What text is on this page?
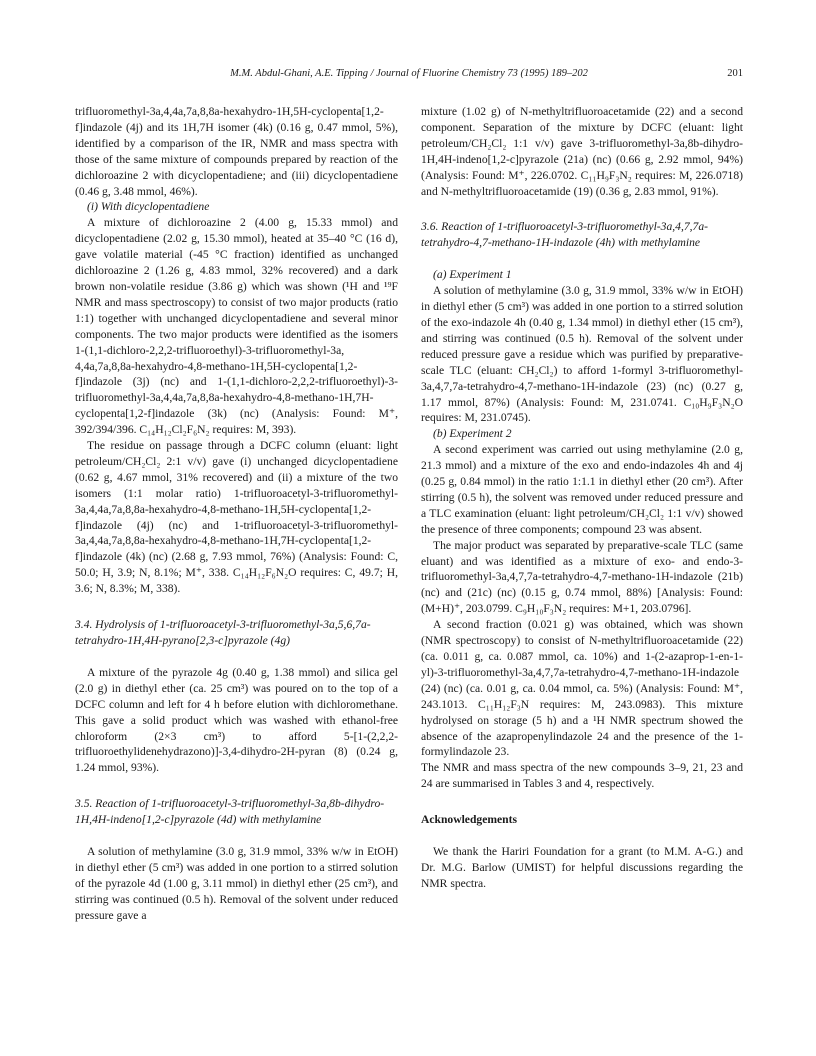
M.M. Abdul-Ghani, A.E. Tipping / Journal of Fluorine Chemistry 73 (1995) 189–202	201

trifluoromethyl-3a,4,4a,7a,8,8a-hexahydro-1H,5H-cyclopenta[1,2-f]indazole (4j) and its 1H,7H isomer (4k) (0.16 g, 0.47 mmol, 5%), identified by a comparison of the IR, NMR and mass spectra with those of the same mixture of compounds prepared by reaction of the dichloroazine 2 with dicyclopentadiene; and (iii) dicyclopentadiene (0.46 g, 3.48 mmol, 46%).

(i) With dicyclopentadiene

A mixture of dichloroazine 2 (4.00 g, 15.33 mmol) and dicyclopentadiene (2.02 g, 15.30 mmol), heated at 35–40 °C (16 d), gave volatile material (-45 °C fraction) identified as unchanged dichloroazine 2 (1.26 g, 4.83 mmol, 32% recovered) and a dark brown non-volatile residue (3.86 g) which was shown (¹H and ¹⁹F NMR and mass spectroscopy) to consist of two major products (ratio 1:1) together with unchanged dicyclopentadiene and several minor components. The two major products were identified as the isomers 1-(1,1-dichloro-2,2,2-trifluoroethyl)-3-trifluoromethyl-3a, 4,4a,7a,8,8a-hexahydro-4,8-methano-1H,5H-cyclopenta[1,2-f]indazole (3j) (nc) and 1-(1,1-dichloro-2,2,2-trifluoroethyl)-3-trifluoromethyl-3a,4,4a,7a,8,8a-hexahydro-4,8-methano-1H,7H-cyclopenta[1,2-f]indazole (3k) (nc) (Analysis: Found: M⁺, 392/394/396. C₁₄H₁₂Cl₂F₆N₂ requires: M, 393).

The residue on passage through a DCFC column (eluant: light petroleum/CH₂Cl₂ 2:1 v/v) gave (i) unchanged dicyclopentadiene (0.62 g, 4.67 mmol, 31% recovered) and (ii) a mixture of the two isomers (1:1 molar ratio) 1-trifluoroacetyl-3-trifluoromethyl-3a,4,4a,7a,8,8a-hexahydro-4,8-methano-1H,5H-cyclopenta[1,2-f]indazole (4j) (nc) and 1-trifluoroacetyl-3-trifluoromethyl-3a,4,4a,7a,8,8a-hexahydro-4,8-methano-1H,7H-cyclopenta[1,2-f]indazole (4k) (nc) (2.68 g, 7.93 mmol, 76%) (Analysis: Found: C, 50.0; H, 3.9; N, 8.1%; M⁺, 338. C₁₄H₁₂F₆N₂O requires: C, 49.7; H, 3.6; N, 8.3%; M, 338).

3.4. Hydrolysis of 1-trifluoroacetyl-3-trifluoromethyl-3a,5,6,7a-tetrahydro-1H,4H-pyrano[2,3-c]pyrazole (4g)

A mixture of the pyrazole 4g (0.40 g, 1.38 mmol) and silica gel (2.0 g) in diethyl ether (ca. 25 cm³) was poured on to the top of a DCFC column and left for 4 h before elution with dichloromethane. This gave a solid product which was washed with ethanol-free chloroform (2×3 cm³) to afford 5-[1-(2,2,2-trifluoroethylidenehydrazono)]-3,4-dihydro-2H-pyran (8) (0.24 g, 1.24 mmol, 93%).

3.5. Reaction of 1-trifluoroacetyl-3-trifluoromethyl-3a,8b-dihydro-1H,4H-indeno[1,2-c]pyrazole (4d) with methylamine

A solution of methylamine (3.0 g, 31.9 mmol, 33% w/w in EtOH) in diethyl ether (5 cm³) was added in one portion to a stirred solution of the pyrazole 4d (1.00 g, 3.11 mmol) in diethyl ether (25 cm³), and stirring was continued (0.5 h). Removal of the solvent under reduced pressure gave a

mixture (1.02 g) of N-methyltrifluoroacetamide (22) and a second component. Separation of the mixture by DCFC (eluant: light petroleum/CH₂Cl₂ 1:1 v/v) gave 3-trifluoromethyl-3a,8b-dihydro-1H,4H-indeno[1,2-c]pyrazole (21a) (nc) (0.66 g, 2.92 mmol, 94%) (Analysis: Found: M⁺, 226.0702. C₁₁H₉F₃N₂ requires: M, 226.0718) and N-methyltrifluoroacetamide (19) (0.36 g, 2.83 mmol, 91%).

3.6. Reaction of 1-trifluoroacetyl-3-trifluoromethyl-3a,4,7,7a-tetrahydro-4,7-methano-1H-indazole (4h) with methylamine

(a) Experiment 1

A solution of methylamine (3.0 g, 31.9 mmol, 33% w/w in EtOH) in diethyl ether (5 cm³) was added in one portion to a stirred solution of the exo-indazole 4h (0.40 g, 1.34 mmol) in diethyl ether (15 cm³), and stirring was continued (0.5 h). Removal of the solvent under reduced pressure gave a residue which was purified by preparative-scale TLC (eluant: CH₂Cl₂) to afford 1-formyl 3-trifluoromethyl-3a,4,7,7a-tetrahydro-4,7-methano-1H-indazole (23) (nc) (0.27 g, 1.17 mmol, 87%) (Analysis: Found: M, 231.0741. C₁₀H₉F₃N₂O requires: M, 231.0745).

(b) Experiment 2

A second experiment was carried out using methylamine (2.0 g, 21.3 mmol) and a mixture of the exo and endo-indazoles 4h and 4j (0.25 g, 0.84 mmol) in the ratio 1:1.1 in diethyl ether (20 cm³). After stirring (0.5 h), the solvent was removed under reduced pressure and a TLC examination (eluant: light petroleum/CH₂Cl₂ 1:1 v/v) showed the presence of three components; compound 23 was absent.

The major product was separated by preparative-scale TLC (same eluant) and was identified as a mixture of exo- and endo-3-trifluoromethyl-3a,4,7,7a-tetrahydro-4,7-methano-1H-indazole (21b) (nc) and (21c) (nc) (0.15 g, 0.74 mmol, 88%) [Analysis: Found: (M+H)⁺, 203.0799. C₉H₁₀F₃N₂ requires: M+1, 203.0796].

A second fraction (0.021 g) was obtained, which was shown (NMR spectroscopy) to consist of N-methyltrifluoroacetamide (22) (ca. 0.011 g, ca. 0.087 mmol, ca. 10%) and 1-(2-azaprop-1-en-1-yl)-3-trifluoromethyl-3a,4,7,7a-tetrahydro-4,7-methano-1H-indazole (24) (nc) (ca. 0.01 g, ca. 0.04 mmol, ca. 5%) (Analysis: Found: M⁺, 243.1013. C₁₁H₁₂F₃N requires: M, 243.0983). This mixture hydrolysed on storage (5 h) and a ¹H NMR spectrum showed the absence of the azapropenylindazole 24 and the presence of the 1-formylindazole 23.

The NMR and mass spectra of the new compounds 3–9, 21, 23 and 24 are summarised in Tables 3 and 4, respectively.

Acknowledgements

We thank the Hariri Foundation for a grant (to M.M. A-G.) and Dr. M.G. Barlow (UMIST) for helpful discussions regarding the NMR spectra.
